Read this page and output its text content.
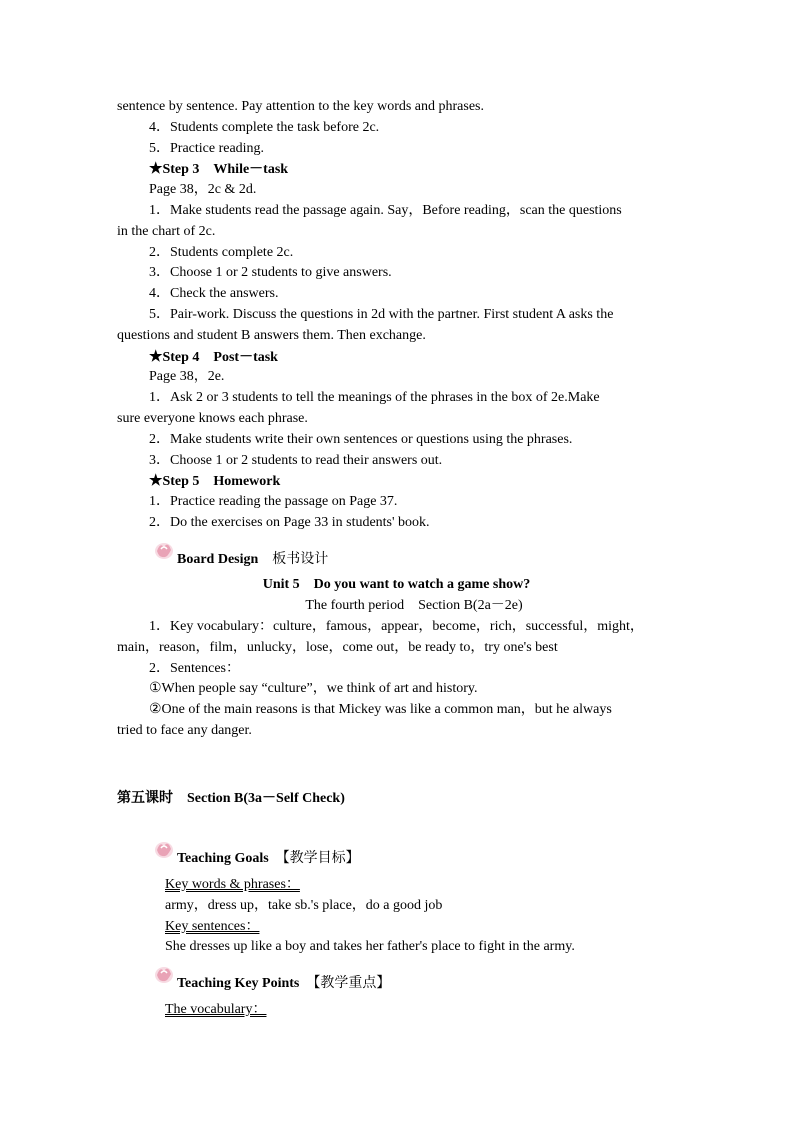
sentence by sentence. Pay attention to the key words and phrases.
4．Students complete the task before 2c.
5．Practice reading.
★Step 3　While－task
Page 38，2c & 2d.
1．Make students read the passage again. Say，Before reading，scan the questions
in the chart of 2c.
2．Students complete 2c.
3．Choose 1 or 2 students to give answers.
4．Check the answers.
5．Pair-work. Discuss the questions in 2d with the partner. First student A asks the
questions and student B answers them. Then exchange.
★Step 4　Post－task
Page 38，2e.
1．Ask 2 or 3 students to tell the meanings of the phrases in the box of 2e.Make
sure everyone knows each phrase.
2．Make students write their own sentences or questions using the phrases.
3．Choose 1 or 2 students to read their answers out.
★Step 5　Homework
1．Practice reading the passage on Page 37.
2．Do the exercises on Page 33 in students' book.
Board Design　 板书设计
Unit 5　Do you want to watch a game show?
The fourth period　Section B(2a－2e)
1．Key vocabulary：culture，famous，appear，become，rich，successful，might，
main，reason，film，unlucky，lose，come out，be ready to，try one's best
2．Sentences：
①When people say “culture”，we think of art and history.
②One of the main reasons is that Mickey was like a common man，but he always
tried to face any danger.
第五课时　 Section B(3a－Self Check)
Teaching Goals　 【教学目标】
Key words & phrases：
army，dress up，take sb.'s place，do a good job
Key sentences：
She dresses up like a boy and takes her father's place to fight in the army.
Teaching Key Points　 【教学重点】
The vocabulary：
